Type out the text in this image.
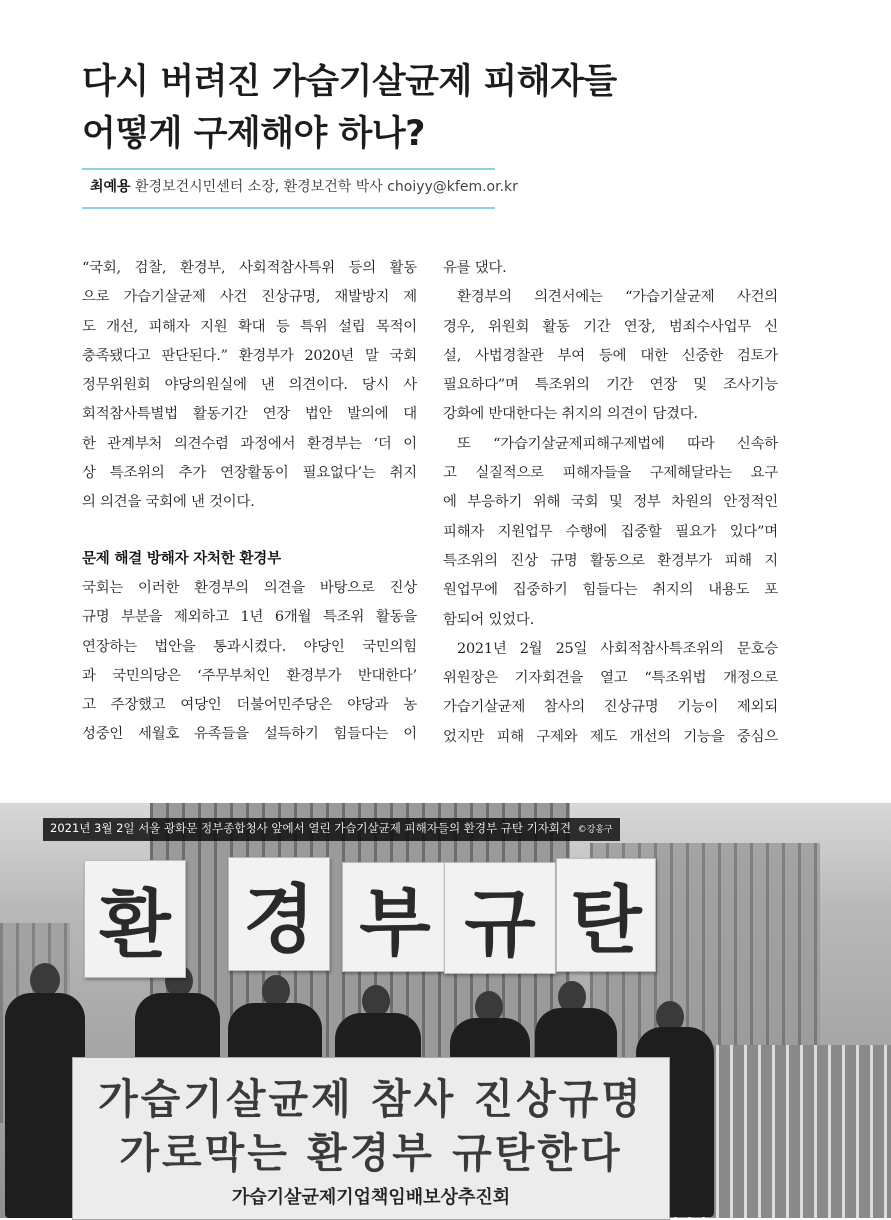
다시 버려진 가습기살균제 피해자들
어떻게 구제해야 하나?
최예용 환경보건시민센터 소장, 환경보건학 박사 choiyy@kfem.or.kr

“국회, 검찰, 환경부, 사회적참사특위 등의 활동
으로 가습기살균제 사건 진상규명, 재발방지 제
도 개선, 피해자 지원 확대 등 특위 설립 목적이
충족됐다고 판단된다.” 환경부가 2020년 말 국회
정무위원회 야당의원실에 낸 의견이다. 당시 사
회적참사특별법 활동기간 연장 법안 발의에 대
한 관계부처 의견수렴 과정에서 환경부는 ‘더 이
상 특조위의 추가 연장활동이 필요없다’는 취지
의 의견을 국회에 낸 것이다.

문제 해결 방해자 자처한 환경부

국회는 이러한 환경부의 의견을 바탕으로 진상
규명 부분을 제외하고 1년 6개월 특조위 활동을
연장하는 법안을 통과시켰다. 야당인 국민의힘
과 국민의당은 ‘주무부처인 환경부가 반대한다’
고 주장했고 여당인 더불어민주당은 야당과 농
성중인 세월호 유족들을 설득하기 힘들다는 이

유를 댔다.

환경부의 의견서에는 “가습기살균제 사건의
경우, 위원회 활동 기간 연장, 범죄수사업무 신
설, 사법경찰관 부여 등에 대한 신중한 검토가
필요하다”며 특조위의 기간 연장 및 조사기능
강화에 반대한다는 취지의 의견이 담겼다.

또 “가습기살균제피해구제법에 따라 신속하
고 실질적으로 피해자들을 구제해달라는 요구
에 부응하기 위해 국회 및 정부 차원의 안정적인
피해자 지원업무 수행에 집중할 필요가 있다”며
특조위의 진상 규명 활동으로 환경부가 피해 지
원업무에 집중하기 힘들다는 취지의 내용도 포
함되어 있었다.

2021년 2월 25일 사회적참사특조위의 문호승
위원장은 기자회견을 열고 “특조위법 개정으로
가습기살균제 참사의 진상규명 기능이 제외되
었지만 피해 구제와 제도 개선의 기능을 중심으

환 경 부 규 탄
가습기살균제 참사 진상규명
가로막는 환경부 규탄한다
가습기살균제기업책임배보상추진회
2021년 3월 2일 서울 광화문 정부종합청사 앞에서 열린 가습기살균제 피해자들의 환경부 규탄 기자회견 ©강홍구
